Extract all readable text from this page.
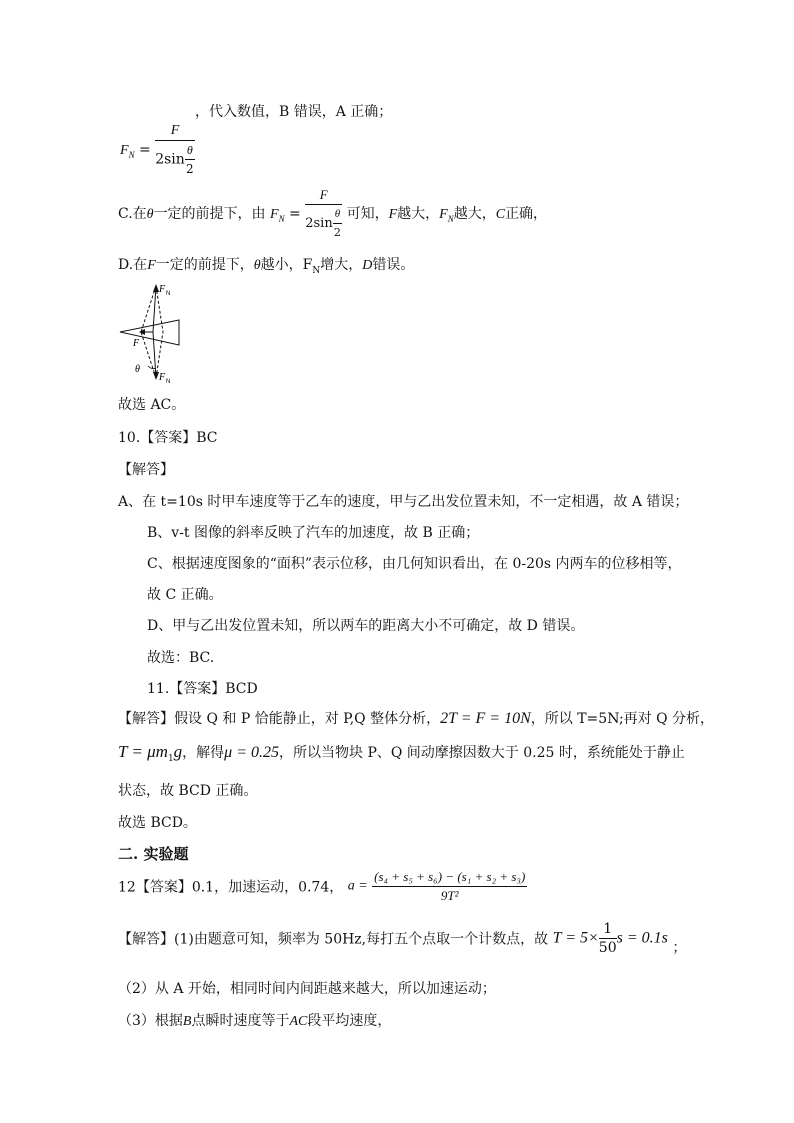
，代入数值，B 错误，A 正确；
$F_N = \frac{F}{2\sin \frac{\theta}{2}}$
C.在θ一定的前提下，由 $F_N = \frac{F}{2\sin \frac{\theta}{2}}$ 可知，F越大，$F_N$越大，C正确，
D.在F一定的前提下，θ越小，$F_N$增大，D错误。
F N
F N
F
θ
故选 AC。
10.【答案】BC
【解答】
A、在 t=10s 时甲车速度等于乙车的速度，甲与乙出发位置未知，不一定相遇，故 A 错误；
B、v-t 图像的斜率反映了汽车的加速度，故 B 正确；
C、根据速度图象的“面积”表示位移，由几何知识看出，在 0-20s 内两车的位移相等，
故 C 正确。
D、甲与乙出发位置未知，所以两车的距离大小不可确定，故 D 错误。
故选：BC.
11.【答案】BCD
【解答】假设 Q 和 P 恰能静止，对 P,Q 整体分析，2T = F = 10N，所以 T=5N;再对 Q 分析，
$T = \mu m_1g$，解得μ = 0.25，所以当物块 P、Q 间动摩擦因数大于 0.25 时，系统能处于静止
状态，故 BCD 正确。
故选 BCD。
二. 实验题
12【答案】0.1，加速运动，0.74， $a = \frac{\text{(s₄ + s₅ + s₆) − (s₁ + s₂ + s₃)}}{\text{9T²}}$
【解答】(1)由题意可知，频率为 50Hz,每打五个点取一个计数点，故 $T = 5\times \frac{1}{50}$ s = 0.1s ；
（2）从 A 开始，相同时间内间距越来越大，所以加速运动；
（3）根据B点瞬时速度等于AC段平均速度，
